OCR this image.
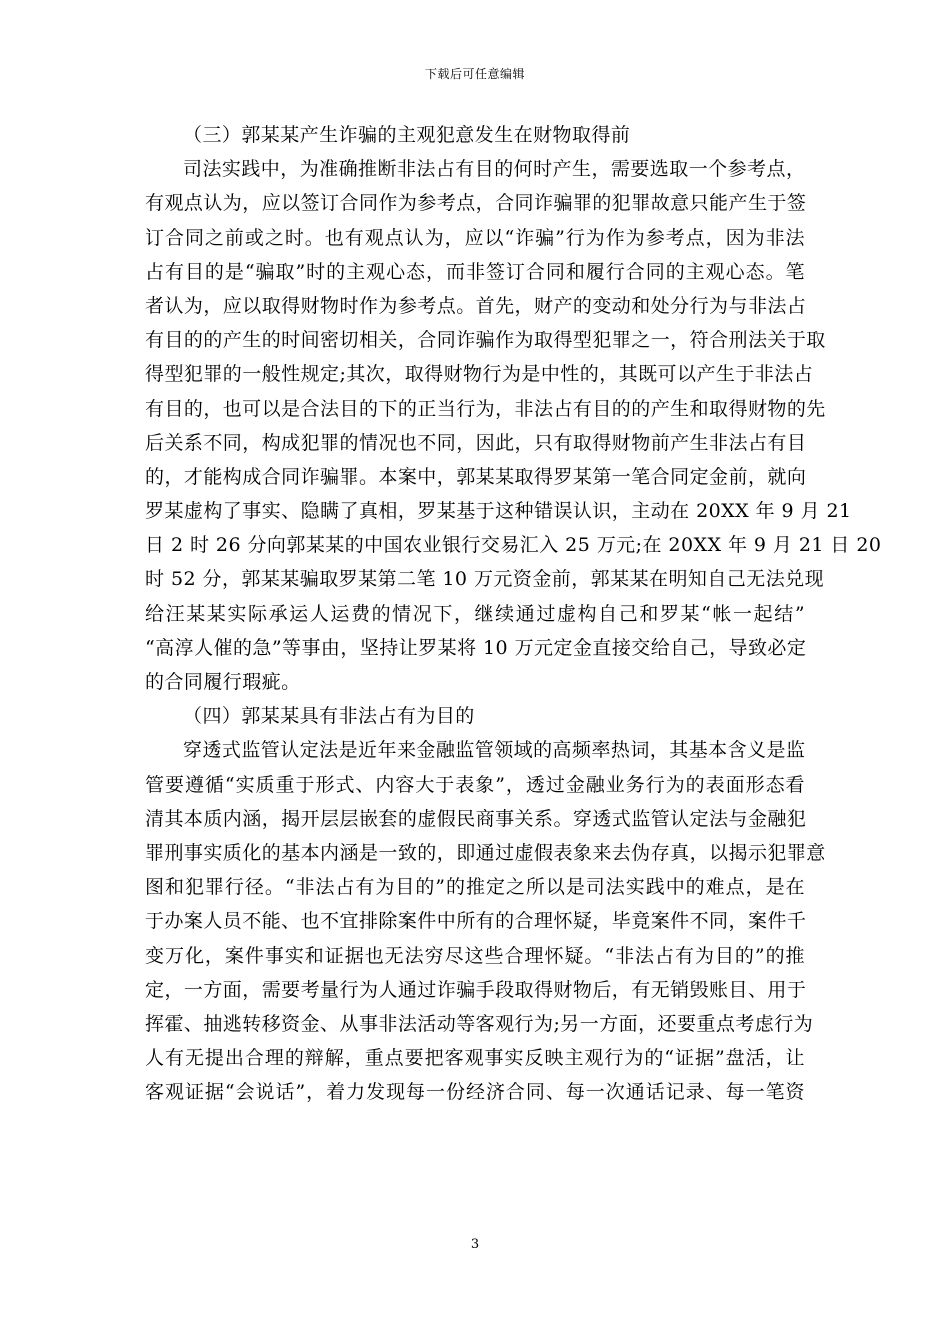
下载后可任意编辑
（三）郭某某产生诈骗的主观犯意发生在财物取得前
司法实践中，为准确推断非法占有目的何时产生，需要选取一个参考点，
有观点认为，应以签订合同作为参考点，合同诈骗罪的犯罪故意只能产生于签
订合同之前或之时。也有观点认为，应以“诈骗”行为作为参考点，因为非法
占有目的是“骗取”时的主观心态，而非签订合同和履行合同的主观心态。笔
者认为，应以取得财物时作为参考点。首先，财产的变动和处分行为与非法占
有目的的产生的时间密切相关，合同诈骗作为取得型犯罪之一，符合刑法关于取
得型犯罪的一般性规定;其次，取得财物行为是中性的，其既可以产生于非法占
有目的，也可以是合法目的下的正当行为，非法占有目的的产生和取得财物的先
后关系不同，构成犯罪的情况也不同，因此，只有取得财物前产生非法占有目
的，才能构成合同诈骗罪。本案中，郭某某取得罗某第一笔合同定金前，就向
罗某虚构了事实、隐瞒了真相，罗某基于这种错误认识，主动在 20XX 年 9 月 21
日 2 时 26 分向郭某某的中国农业银行交易汇入 25 万元;在 20XX 年 9 月 21 日 20
时 52 分，郭某某骗取罗某第二笔 10 万元资金前，郭某某在明知自己无法兑现
给汪某某实际承运人运费的情况下，继续通过虚构自己和罗某“帐一起结”
“高淳人催的急”等事由，坚持让罗某将 10 万元定金直接交给自己，导致必定
的合同履行瑕疵。
（四）郭某某具有非法占有为目的
穿透式监管认定法是近年来金融监管领域的高频率热词，其基本含义是监
管要遵循“实质重于形式、内容大于表象”，透过金融业务行为的表面形态看
清其本质内涵，揭开层层嵌套的虚假民商事关系。穿透式监管认定法与金融犯
罪刑事实质化的基本内涵是一致的，即通过虚假表象来去伪存真，以揭示犯罪意
图和犯罪行径。“非法占有为目的”的推定之所以是司法实践中的难点，是在
于办案人员不能、也不宜排除案件中所有的合理怀疑，毕竟案件不同，案件千
变万化，案件事实和证据也无法穷尽这些合理怀疑。“非法占有为目的”的推
定，一方面，需要考量行为人通过诈骗手段取得财物后，有无销毁账目、用于
挥霍、抽逃转移资金、从事非法活动等客观行为;另一方面，还要重点考虑行为
人有无提出合理的辩解，重点要把客观事实反映主观行为的“证据”盘活，让
客观证据“会说话”，着力发现每一份经济合同、每一次通话记录、每一笔资
3
